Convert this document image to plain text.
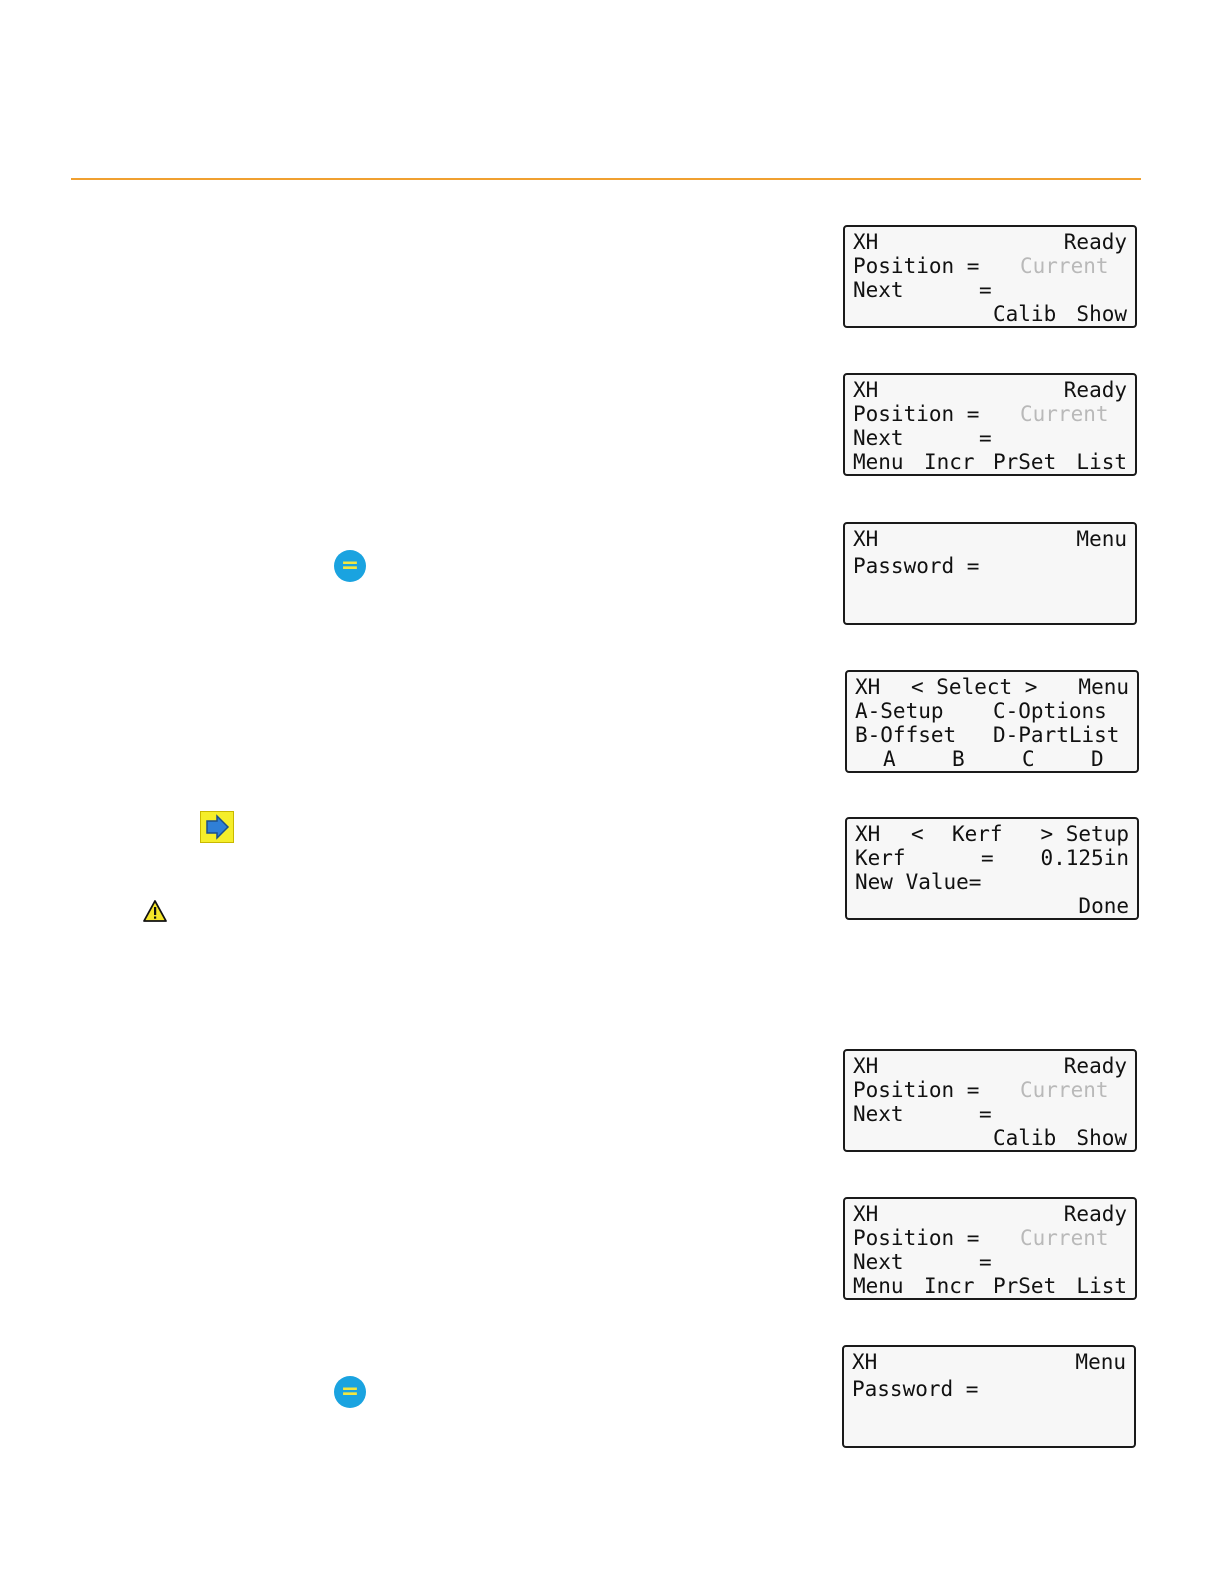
=
=
XH	Ready
Position = Current
Next	=
Calib Show
XH	Ready
Position = Current
Next	=
Menu Incr PrSet List
XH	Menu
Password =
XH < Select > Menu
A-Setup C-Options
B-Offset D-PartList
A	B	C	D
XH < Kerf > Setup
Kerf	= 0.125in
New Value=
Done
XH	Ready
Position = Current
Next	=
Calib Show
XH	Ready
Position = Current
Next	=
Menu Incr PrSet List
XH	Menu
Password =
